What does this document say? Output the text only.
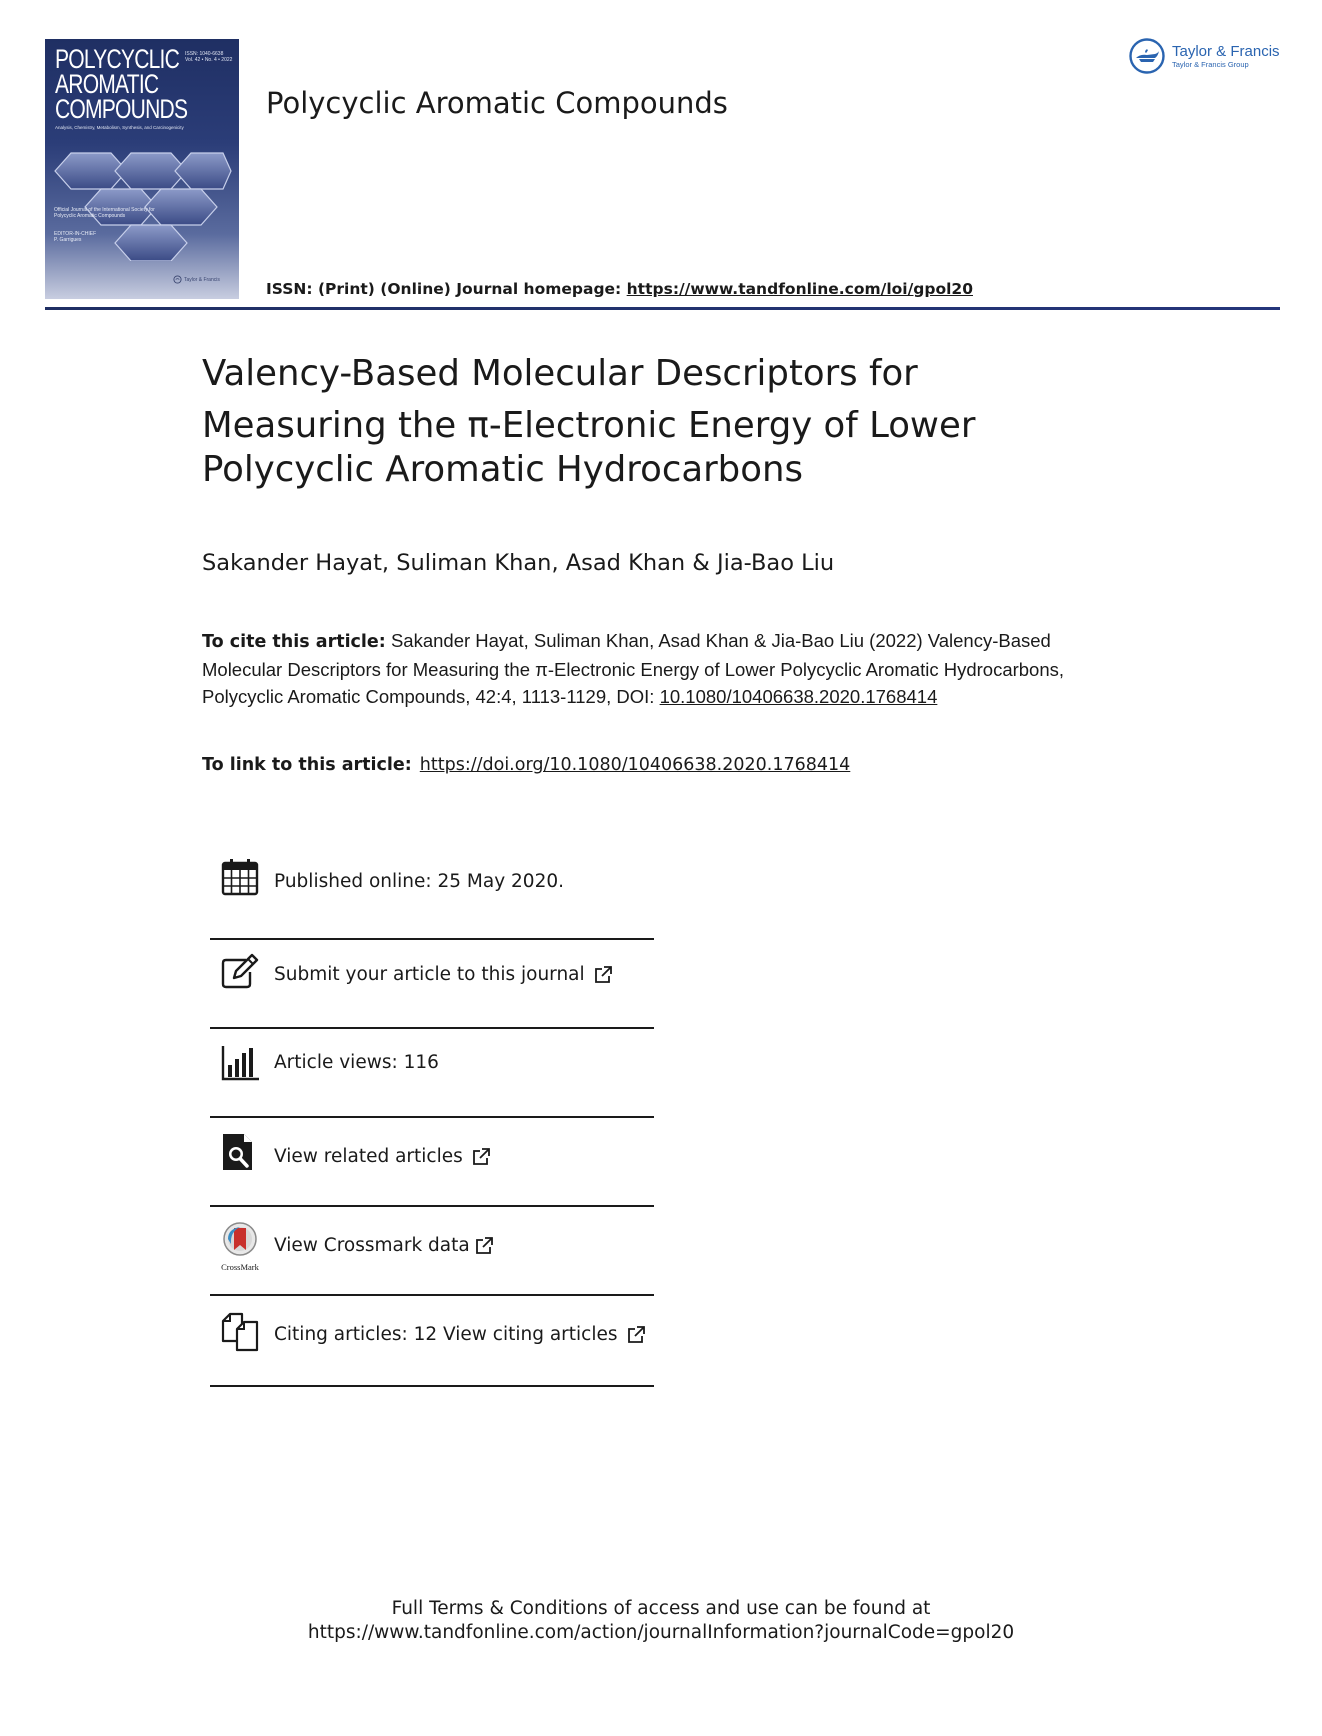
POLYCYCLIC
AROMATIC
COMPOUNDS
ISSN: 1040-6638
Vol. 42 • No. 4 • 2022
Analysis, Chemistry, Metabolism, Synthesis, and Carcinogenicity
Official Journal of the International Society for Polycyclic Aromatic Compounds
EDITOR-IN-CHIEF
P. Garrigues
Taylor & Francis
Polycyclic Aromatic Compounds
ISSN: (Print) (Online) Journal homepage: https://www.tandfonline.com/loi/gpol20
Taylor & Francis
Taylor & Francis Group
Valency-Based Molecular Descriptors for
Measuring the π-Electronic Energy of Lower
Polycyclic Aromatic Hydrocarbons
Sakander Hayat, Suliman Khan, Asad Khan & Jia-Bao Liu
To cite this article: Sakander Hayat, Suliman Khan, Asad Khan & Jia-Bao Liu (2022) Valency-Based Molecular Descriptors for Measuring the π-Electronic Energy of Lower Polycyclic Aromatic Hydrocarbons, Polycyclic Aromatic Compounds, 42:4, 1113-1129, DOI: 10.1080/10406638.2020.1768414
To link to this article: https://doi.org/10.1080/10406638.2020.1768414
Published online: 25 May 2020.
Submit your article to this journal
Article views: 116
View related articles
CrossMark
View Crossmark data
Citing articles: 12 View citing articles
Full Terms & Conditions of access and use can be found at
https://www.tandfonline.com/action/journalInformation?journalCode=gpol20
